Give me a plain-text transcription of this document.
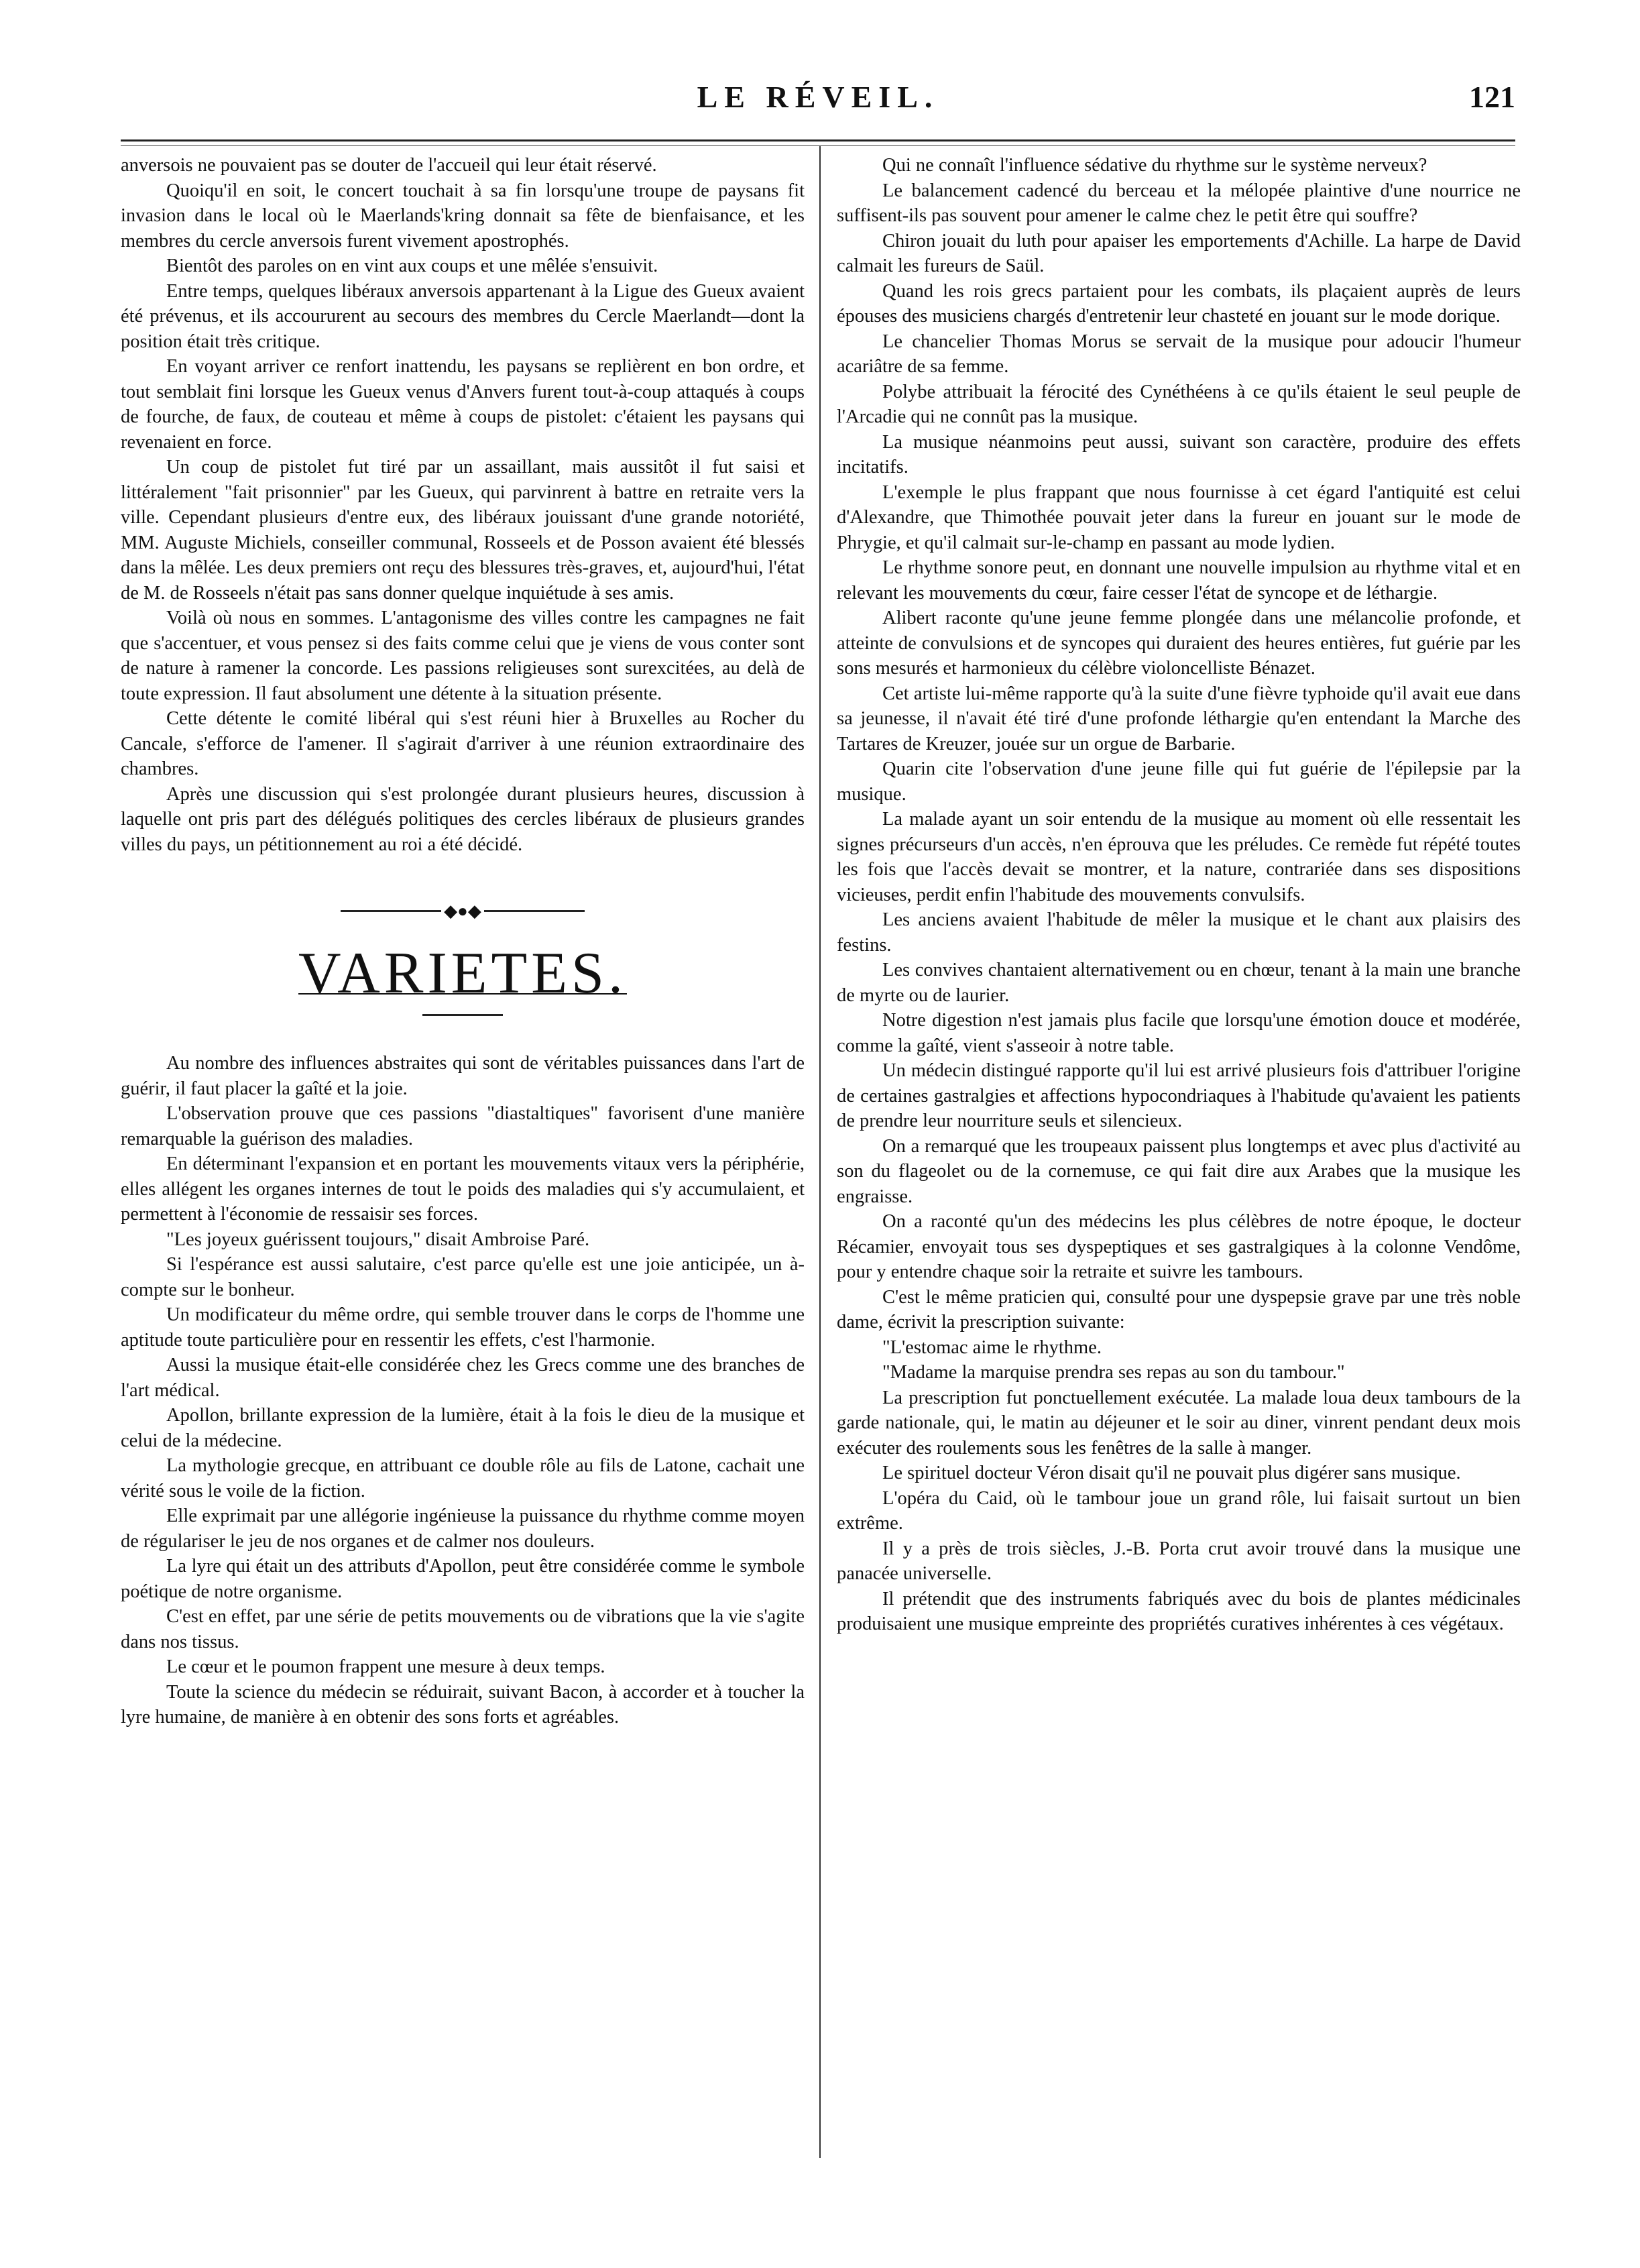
LE RÉVEIL.	121

anversois ne pouvaient pas se douter de l'accueil qui leur était réservé.

Quoiqu'il en soit, le concert touchait à sa fin lorsqu'une troupe de paysans fit invasion dans le local où le Maerlands'kring donnait sa fête de bienfaisance, et les membres du cercle anversois furent vivement apostrophés.

Bientôt des paroles on en vint aux coups et une mêlée s'ensuivit.

Entre temps, quelques libéraux anversois appartenant à la Ligue des Gueux avaient été prévenus, et ils accoururent au secours des membres du Cercle Maerlandt—dont la position était très critique.

En voyant arriver ce renfort inattendu, les paysans se replièrent en bon ordre, et tout semblait fini lorsque les Gueux venus d'Anvers furent tout-à-coup attaqués à coups de fourche, de faux, de couteau et même à coups de pistolet: c'étaient les paysans qui revenaient en force.

Un coup de pistolet fut tiré par un assaillant, mais aussitôt il fut saisi et littéralement "fait prisonnier" par les Gueux, qui parvinrent à battre en retraite vers la ville. Cependant plusieurs d'entre eux, des libéraux jouissant d'une grande notoriété, MM. Auguste Michiels, conseiller communal, Rosseels et de Posson avaient été blessés dans la mêlée. Les deux premiers ont reçu des blessures très-graves, et, aujourd'hui, l'état de M. de Rosseels n'était pas sans donner quelque inquiétude à ses amis.

Voilà où nous en sommes. L'antagonisme des villes contre les campagnes ne fait que s'accentuer, et vous pensez si des faits comme celui que je viens de vous conter sont de nature à ramener la concorde. Les passions religieuses sont surexcitées, au delà de toute expression. Il faut absolument une détente à la situation présente.

Cette détente le comité libéral qui s'est réuni hier à Bruxelles au Rocher du Cancale, s'efforce de l'amener. Il s'agirait d'arriver à une réunion extraordinaire des chambres.

Après une discussion qui s'est prolongée durant plusieurs heures, discussion à laquelle ont pris part des délégués politiques des cercles libéraux de plusieurs grandes villes du pays, un pétitionnement au roi a été décidé.

◆●◆
VARIETES.

Au nombre des influences abstraites qui sont de véritables puissances dans l'art de guérir, il faut placer la gaîté et la joie.

L'observation prouve que ces passions "diastaltiques" favorisent d'une manière remarquable la guérison des maladies.

En déterminant l'expansion et en portant les mouvements vitaux vers la périphérie, elles allégent les organes internes de tout le poids des maladies qui s'y accumulaient, et permettent à l'économie de ressaisir ses forces.

"Les joyeux guérissent toujours," disait Ambroise Paré.

Si l'espérance est aussi salutaire, c'est parce qu'elle est une joie anticipée, un à-compte sur le bonheur.

Un modificateur du même ordre, qui semble trouver dans le corps de l'homme une aptitude toute particulière pour en ressentir les effets, c'est l'harmonie.

Aussi la musique était-elle considérée chez les Grecs comme une des branches de l'art médical.

Apollon, brillante expression de la lumière, était à la fois le dieu de la musique et celui de la médecine.

La mythologie grecque, en attribuant ce double rôle au fils de Latone, cachait une vérité sous le voile de la fiction.

Elle exprimait par une allégorie ingénieuse la puissance du rhythme comme moyen de régulariser le jeu de nos organes et de calmer nos douleurs.

La lyre qui était un des attributs d'Apollon, peut être considérée comme le symbole poétique de notre organisme.

C'est en effet, par une série de petits mouvements ou de vibrations que la vie s'agite dans nos tissus.

Le cœur et le poumon frappent une mesure à deux temps.

Toute la science du médecin se réduirait, suivant Bacon, à accorder et à toucher la lyre humaine, de manière à en obtenir des sons forts et agréables.

Qui ne connaît l'influence sédative du rhythme sur le système nerveux?

Le balancement cadencé du berceau et la mélopée plaintive d'une nourrice ne suffisent-ils pas souvent pour amener le calme chez le petit être qui souffre?

Chiron jouait du luth pour apaiser les emportements d'Achille. La harpe de David calmait les fureurs de Saül.

Quand les rois grecs partaient pour les combats, ils plaçaient auprès de leurs épouses des musiciens chargés d'entretenir leur chasteté en jouant sur le mode dorique.

Le chancelier Thomas Morus se servait de la musique pour adoucir l'humeur acariâtre de sa femme.

Polybe attribuait la férocité des Cynéthéens à ce qu'ils étaient le seul peuple de l'Arcadie qui ne connût pas la musique.

La musique néanmoins peut aussi, suivant son caractère, produire des effets incitatifs.

L'exemple le plus frappant que nous fournisse à cet égard l'antiquité est celui d'Alexandre, que Thimothée pouvait jeter dans la fureur en jouant sur le mode de Phrygie, et qu'il calmait sur-le-champ en passant au mode lydien.

Le rhythme sonore peut, en donnant une nouvelle impulsion au rhythme vital et en relevant les mouvements du cœur, faire cesser l'état de syncope et de léthargie.

Alibert raconte qu'une jeune femme plongée dans une mélancolie profonde, et atteinte de convulsions et de syncopes qui duraient des heures entières, fut guérie par les sons mesurés et harmonieux du célèbre violoncelliste Bénazet.

Cet artiste lui-même rapporte qu'à la suite d'une fièvre typhoide qu'il avait eue dans sa jeunesse, il n'avait été tiré d'une profonde léthargie qu'en entendant la Marche des Tartares de Kreuzer, jouée sur un orgue de Barbarie.

Quarin cite l'observation d'une jeune fille qui fut guérie de l'épilepsie par la musique.

La malade ayant un soir entendu de la musique au moment où elle ressentait les signes précurseurs d'un accès, n'en éprouva que les préludes. Ce remède fut répété toutes les fois que l'accès devait se montrer, et la nature, contrariée dans ses dispositions vicieuses, perdit enfin l'habitude des mouvements convulsifs.

Les anciens avaient l'habitude de mêler la musique et le chant aux plaisirs des festins.

Les convives chantaient alternativement ou en chœur, tenant à la main une branche de myrte ou de laurier.

Notre digestion n'est jamais plus facile que lorsqu'une émotion douce et modérée, comme la gaîté, vient s'asseoir à notre table.

Un médecin distingué rapporte qu'il lui est arrivé plusieurs fois d'attribuer l'origine de certaines gastralgies et affections hypocondriaques à l'habitude qu'avaient les patients de prendre leur nourriture seuls et silencieux.

On a remarqué que les troupeaux paissent plus longtemps et avec plus d'activité au son du flageolet ou de la cornemuse, ce qui fait dire aux Arabes que la musique les engraisse.

On a raconté qu'un des médecins les plus célèbres de notre époque, le docteur Récamier, envoyait tous ses dyspeptiques et ses gastralgiques à la colonne Vendôme, pour y entendre chaque soir la retraite et suivre les tambours.

C'est le même praticien qui, consulté pour une dyspepsie grave par une très noble dame, écrivit la prescription suivante:

"L'estomac aime le rhythme.

"Madame la marquise prendra ses repas au son du tambour."

La prescription fut ponctuellement exécutée. La malade loua deux tambours de la garde nationale, qui, le matin au déjeuner et le soir au diner, vinrent pendant deux mois exécuter des roulements sous les fenêtres de la salle à manger.

Le spirituel docteur Véron disait qu'il ne pouvait plus digérer sans musique.

L'opéra du Caid, où le tambour joue un grand rôle, lui faisait surtout un bien extrême.

Il y a près de trois siècles, J.-B. Porta crut avoir trouvé dans la musique une panacée universelle.

Il prétendit que des instruments fabriqués avec du bois de plantes médicinales produisaient une musique empreinte des propriétés curatives inhérentes à ces végétaux.
